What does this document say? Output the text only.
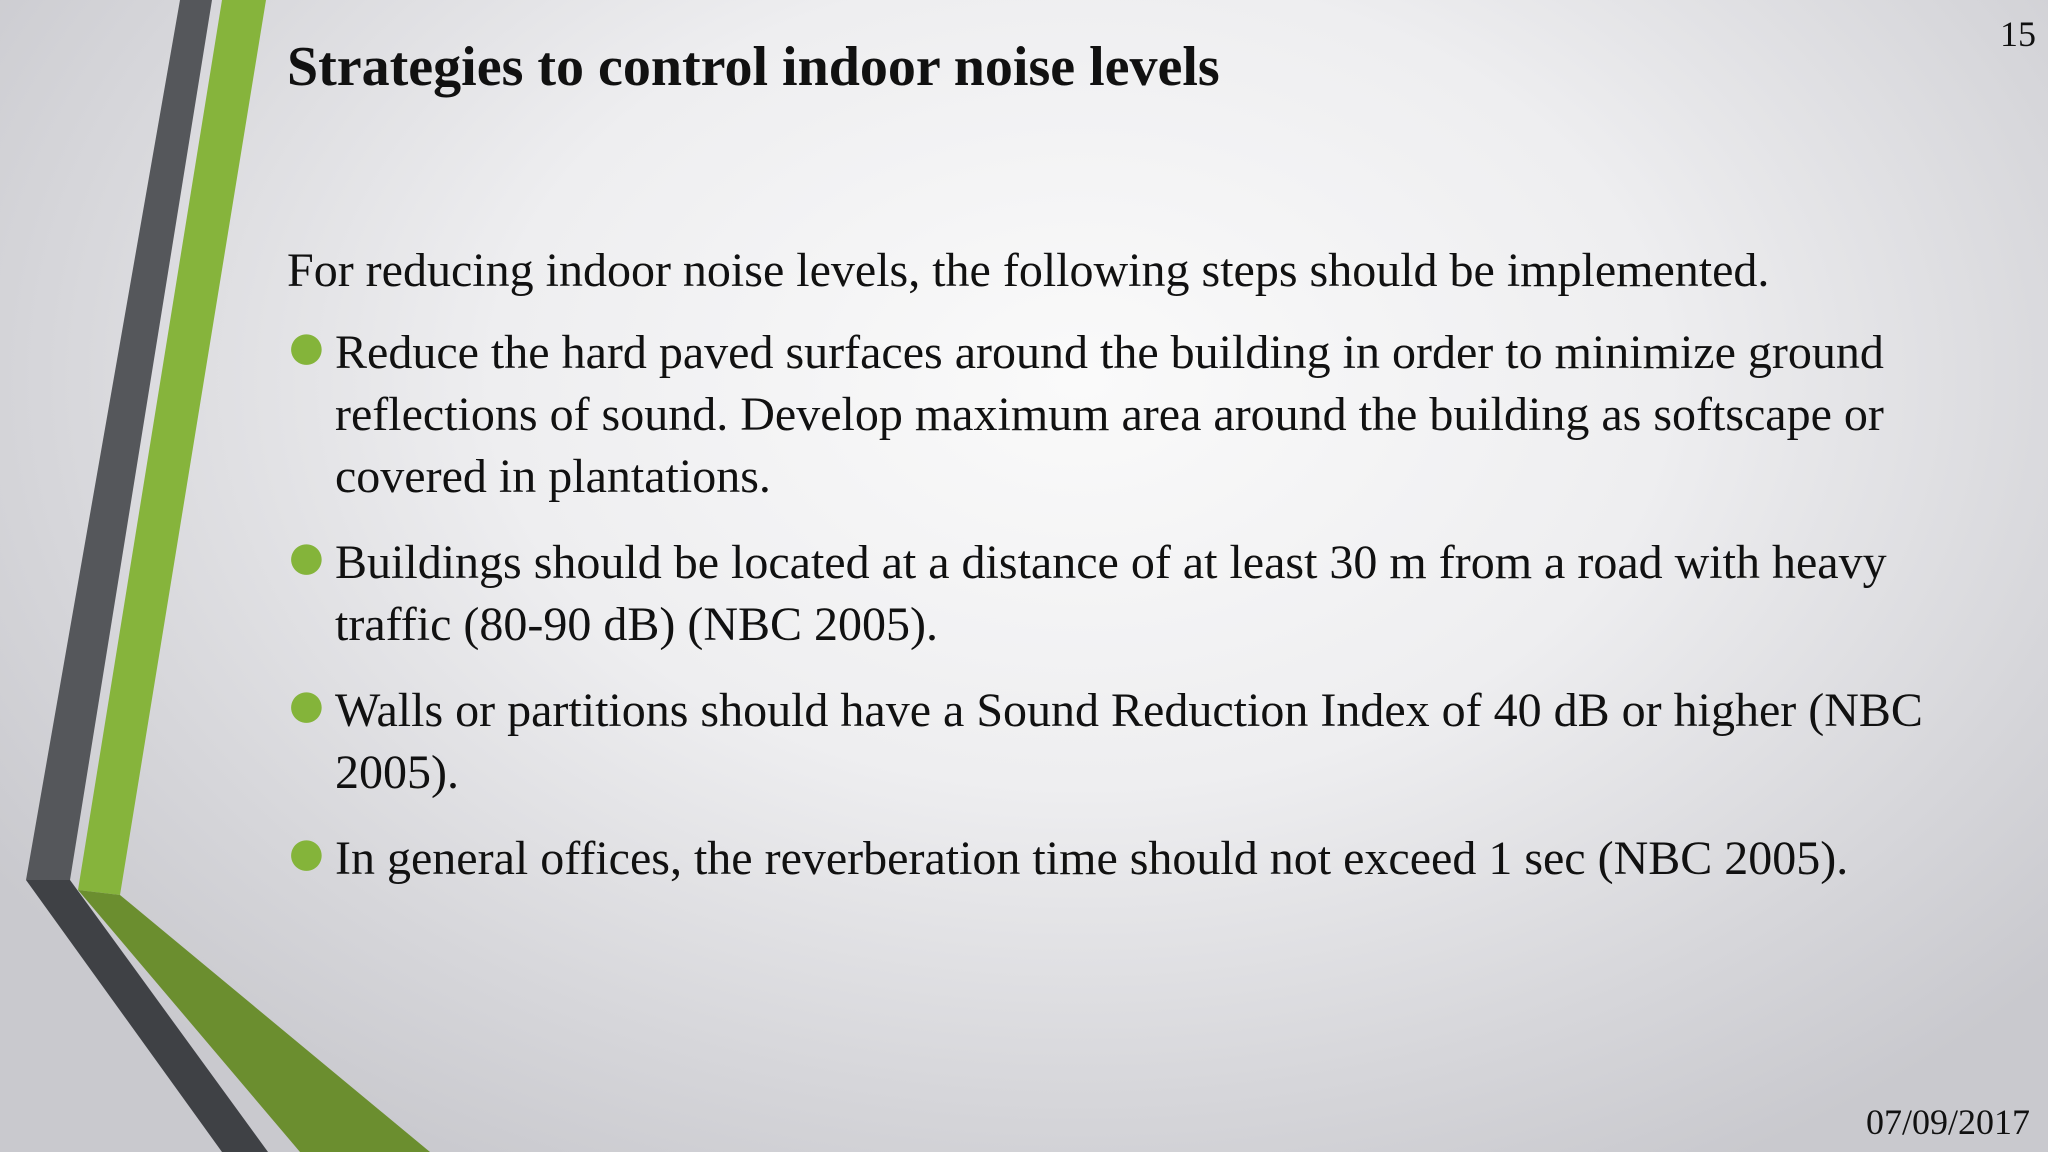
15
Strategies to control indoor noise levels

For reducing indoor noise levels, the following steps should be implemented.

● Reduce the hard paved surfaces around the building in order to minimize ground reflections of sound. Develop maximum area around the building as softscape or covered in plantations.
● Buildings should be located at a distance of at least 30 m from a road with heavy traffic (80-90 dB) (NBC 2005).
● Walls or partitions should have a Sound Reduction Index of 40 dB or higher (NBC 2005).
● In general offices, the reverberation time should not exceed 1 sec (NBC 2005).
07/09/2017
